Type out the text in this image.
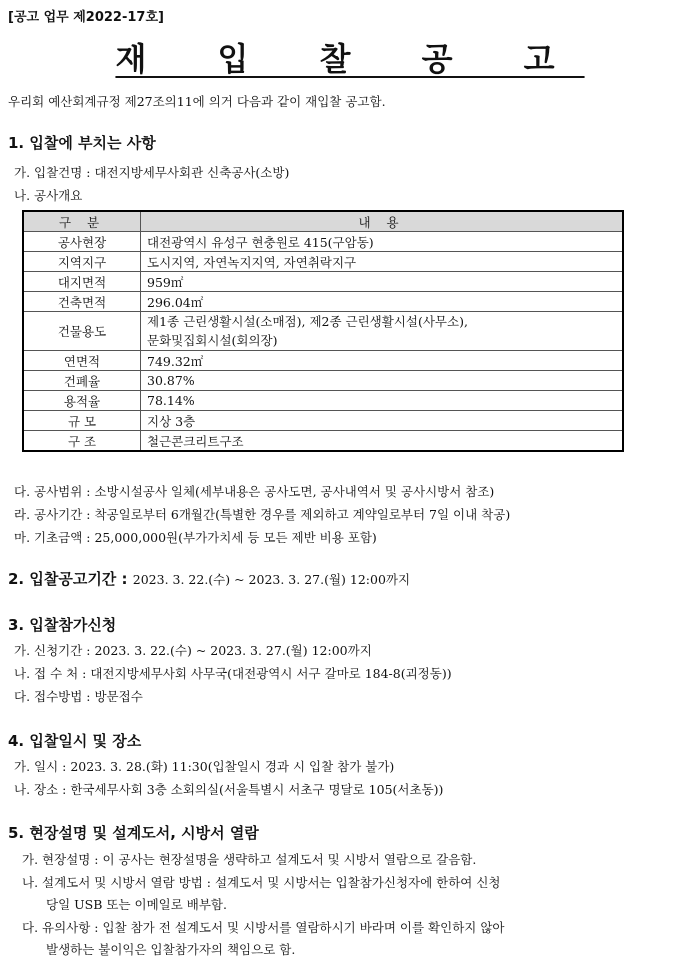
[공고 업무 제2022-17호]
재 입 찰 공 고
우리회 예산회계규정 제27조의11에 의거 다음과 같이 재입찰 공고함.
1. 입찰에 부치는 사항
가. 입찰건명 : 대전지방세무사회관 신축공사(소방)
나. 공사개요
구 분	내 용
공사현장	대전광역시 유성구 현충원로 415(구암동)
지역지구	도시지역, 자연녹지지역, 자연취락지구
대지면적	959㎡
건축면적	296.04㎡
건물용도	제1종 근린생활시설(소매점), 제2종 근린생활시설(사무소),
문화및집회시설(회의장)

연면적	749.32㎡
건폐율	30.87%
용적율	78.14%
규 모	지상 3층
구 조	철근콘크리트구조
다. 공사범위 : 소방시설공사 일체(세부내용은 공사도면, 공사내역서 및 공사시방서 참조)
라. 공사기간 : 착공일로부터 6개월간(특별한 경우를 제외하고 계약일로부터 7일 이내 착공)
마. 기초금액 : 25,000,000원(부가가치세 등 모든 제반 비용 포함)
2. 입찰공고기간 : 2023. 3. 22.(수) ~ 2023. 3. 27.(월) 12:00까지
3. 입찰참가신청
가. 신청기간 : 2023. 3. 22.(수) ~ 2023. 3. 27.(월) 12:00까지
나. 접 수 처 : 대전지방세무사회 사무국(대전광역시 서구 갈마로 184-8(괴정동))
다. 접수방법 : 방문접수
4. 입찰일시 및 장소
가. 일시 : 2023. 3. 28.(화) 11:30(입찰일시 경과 시 입찰 참가 불가)
나. 장소 : 한국세무사회 3층 소회의실(서울특별시 서초구 명달로 105(서초동))
5. 현장설명 및 설계도서, 시방서 열람
가. 현장설명 : 이 공사는 현장설명을 생략하고 설계도서 및 시방서 열람으로 갈음함.
나. 설계도서 및 시방서 열람 방법 : 설계도서 및 시방서는 입찰참가신청자에 한하여 신청
당일 USB 또는 이메일로 배부함.
다. 유의사항 : 입찰 참가 전 설계도서 및 시방서를 열람하시기 바라며 이를 확인하지 않아
발생하는 불이익은 입찰참가자의 책임으로 함.
